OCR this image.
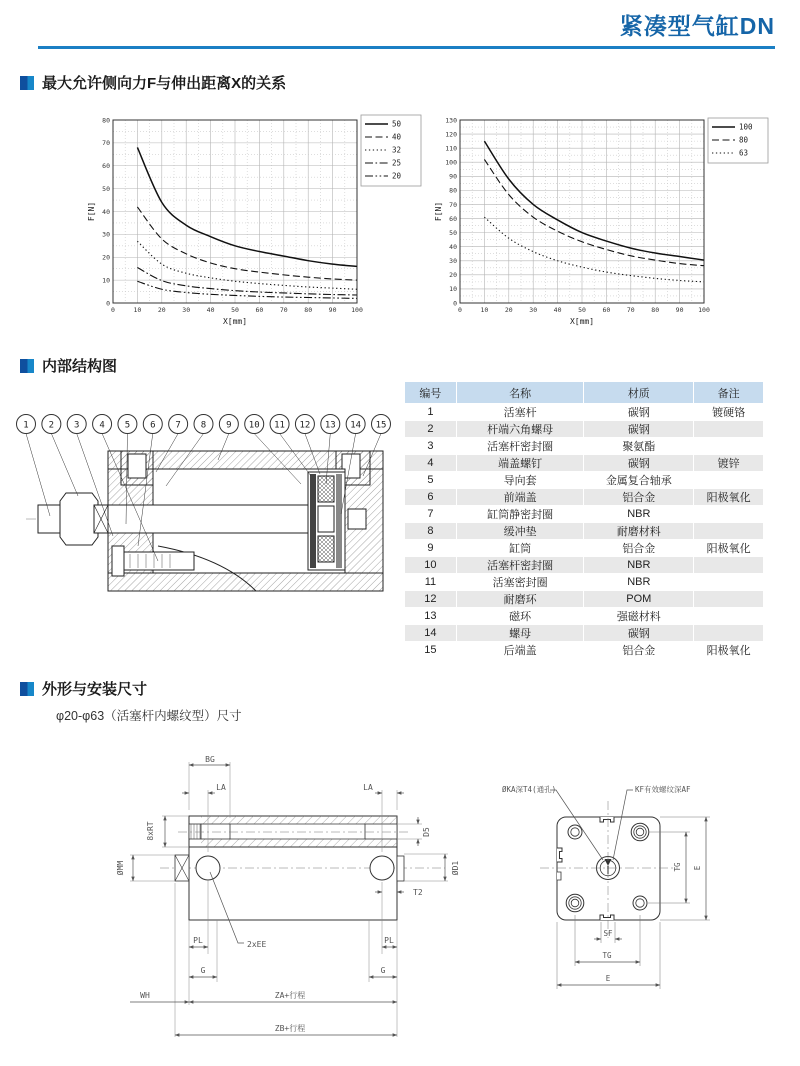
紧凑型气缸DN
最大允许侧向力F与伸出距离X的关系
0	10	20	30	40	50	60	70	80	90 100
0
10
20
30
40
50
60
70
80
X[mm]
F[N]
50
40
32
25
20
0	10	20	30	40	50	60	70	80	90 100
0
10
20
30
40
50
60
70
80
90
100
110
120
130
X[mm]
F[N]
100
80
63
内部结构图
1 2 3 4 5 6 7 8 9 10 11 12 13 14 15
编号	名称	材质	备注
1	活塞杆	碳钢	镀硬铬
2	杆端六角螺母	碳钢	
3	活塞杆密封圈	聚氨酯	
4	端盖螺钉	碳钢	镀锌
5	导向套	金属复合轴承	
6	前端盖	铝合金	阳极氧化
7	缸筒静密封圈	NBR	
8	缓冲垫	耐磨材料	
9	缸筒	铝合金	阳极氧化
10	活塞杆密封圈	NBR	
11	活塞密封圈	NBR	
12	耐磨环	POM	
13	磁环	强磁材料	
14	螺母	碳钢	
15	后端盖	铝合金	阳极氧化
外形与安装尺寸
φ20-φ63（活塞杆内螺纹型）尺寸
BG
LA	LA
8xRT
ØMM
D5
ØD1
T2
PL	PL
2xEE
G	G
WH	ZA+行程
ZB+行程
ØKA深T4(通孔)	KF有效螺纹深AF
SF
TG
E
TG E
